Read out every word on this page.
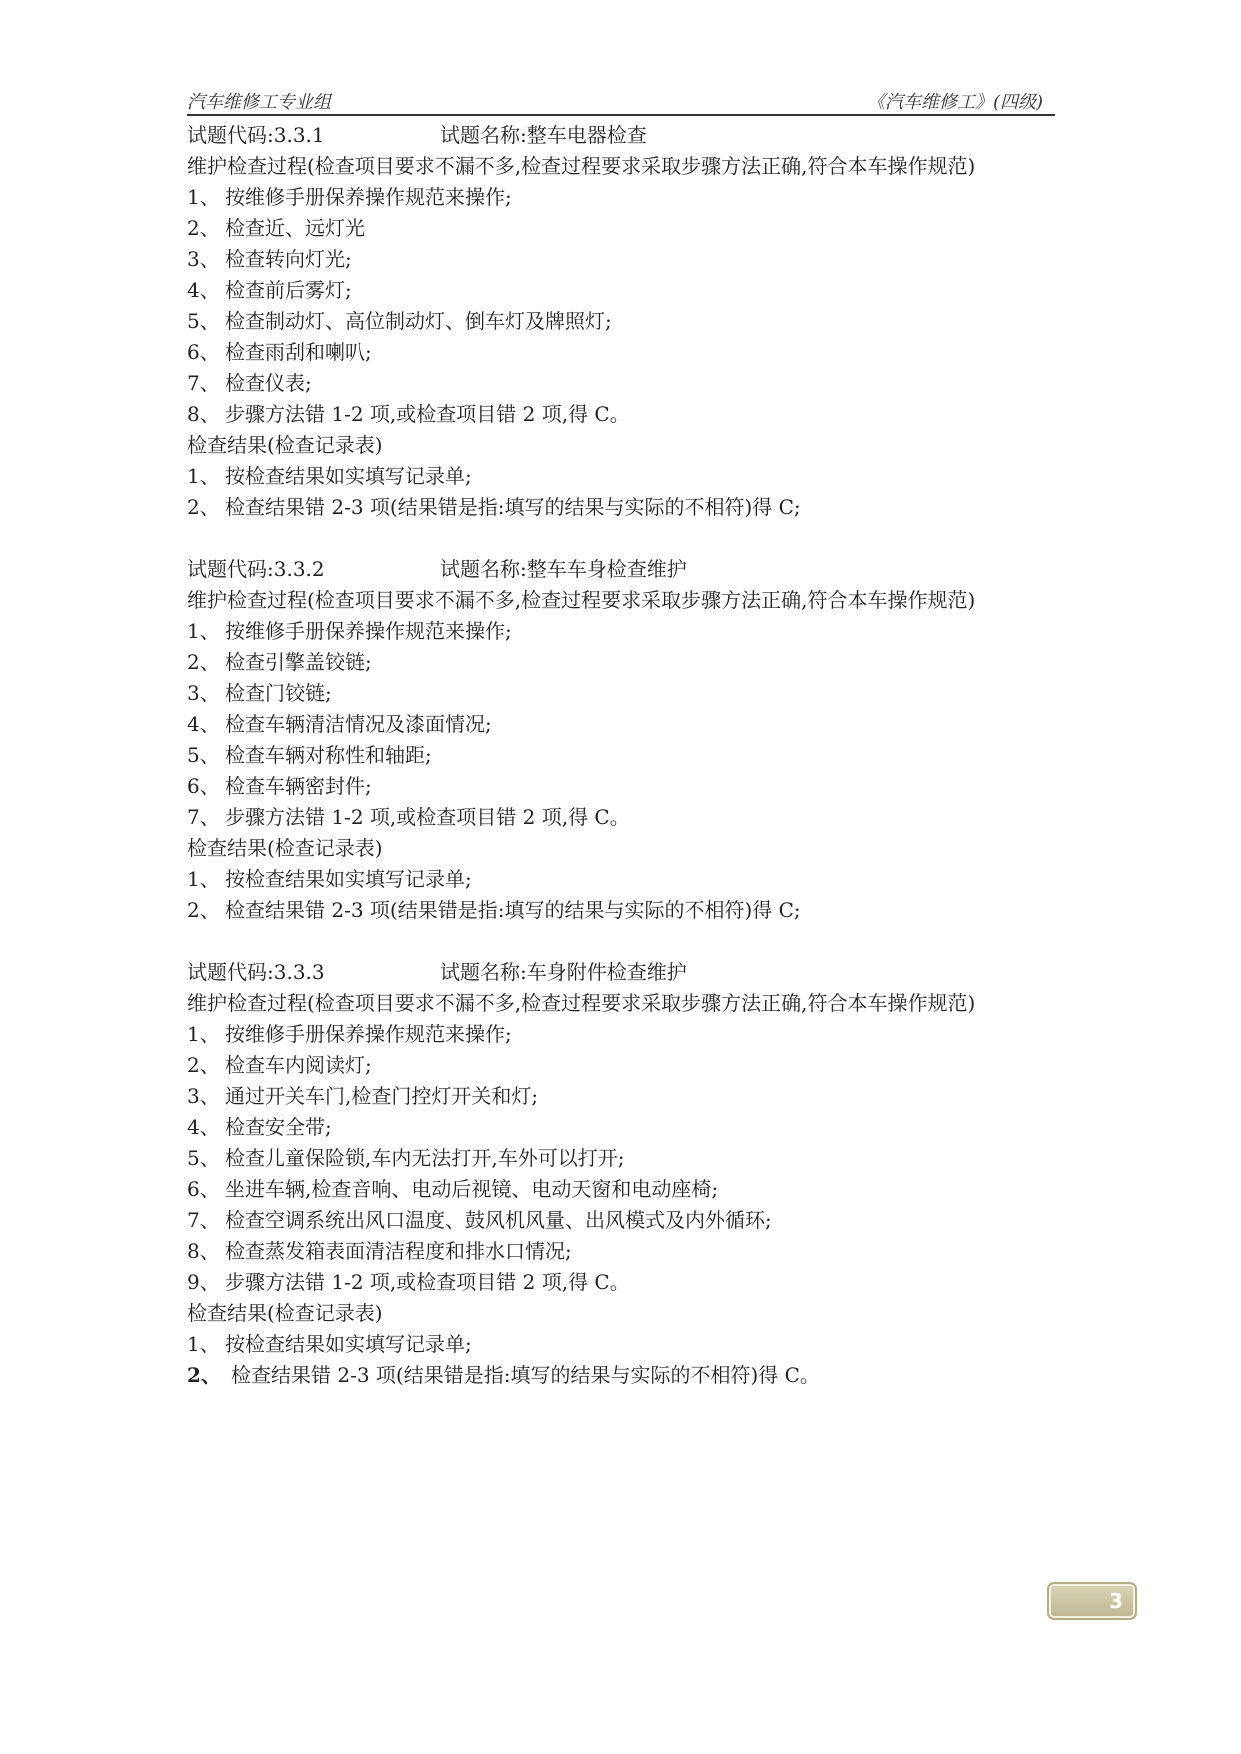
汽车维修工专业组	《汽车维修工》(四级)
试题代码:3.3.1	试题名称:整车电器检查
维护检查过程(检查项目要求不漏不多,检查过程要求采取步骤方法正确,符合本车操作规范)
1、 按维修手册保养操作规范来操作;
2、 检查近、远灯光
3、 检查转向灯光;
4、 检查前后雾灯;
5、 检查制动灯、高位制动灯、倒车灯及牌照灯;
6、 检查雨刮和喇叭;
7、 检查仪表;
8、 步骤方法错 1-2 项,或检查项目错 2 项,得 C。
检查结果(检查记录表)
1、 按检查结果如实填写记录单;
2、 检查结果错 2-3 项(结果错是指:填写的结果与实际的不相符)得 C;
试题代码:3.3.2	试题名称:整车车身检查维护
维护检查过程(检查项目要求不漏不多,检查过程要求采取步骤方法正确,符合本车操作规范)
1、 按维修手册保养操作规范来操作;
2、 检查引擎盖铰链;
3、 检查门铰链;
4、 检查车辆清洁情况及漆面情况;
5、 检查车辆对称性和轴距;
6、 检查车辆密封件;
7、 步骤方法错 1-2 项,或检查项目错 2 项,得 C。
检查结果(检查记录表)
1、 按检查结果如实填写记录单;
2、 检查结果错 2-3 项(结果错是指:填写的结果与实际的不相符)得 C;
试题代码:3.3.3	试题名称:车身附件检查维护
维护检查过程(检查项目要求不漏不多,检查过程要求采取步骤方法正确,符合本车操作规范)
1、 按维修手册保养操作规范来操作;
2、 检查车内阅读灯;
3、 通过开关车门,检查门控灯开关和灯;
4、 检查安全带;
5、 检查儿童保险锁,车内无法打开,车外可以打开;
6、 坐进车辆,检查音响、电动后视镜、电动天窗和电动座椅;
7、 检查空调系统出风口温度、鼓风机风量、出风模式及内外循环;
8、 检查蒸发箱表面清洁程度和排水口情况;
9、 步骤方法错 1-2 项,或检查项目错 2 项,得 C。
检查结果(检查记录表)
1、 按检查结果如实填写记录单;
2、 检查结果错 2-3 项(结果错是指:填写的结果与实际的不相符)得 C。
3
